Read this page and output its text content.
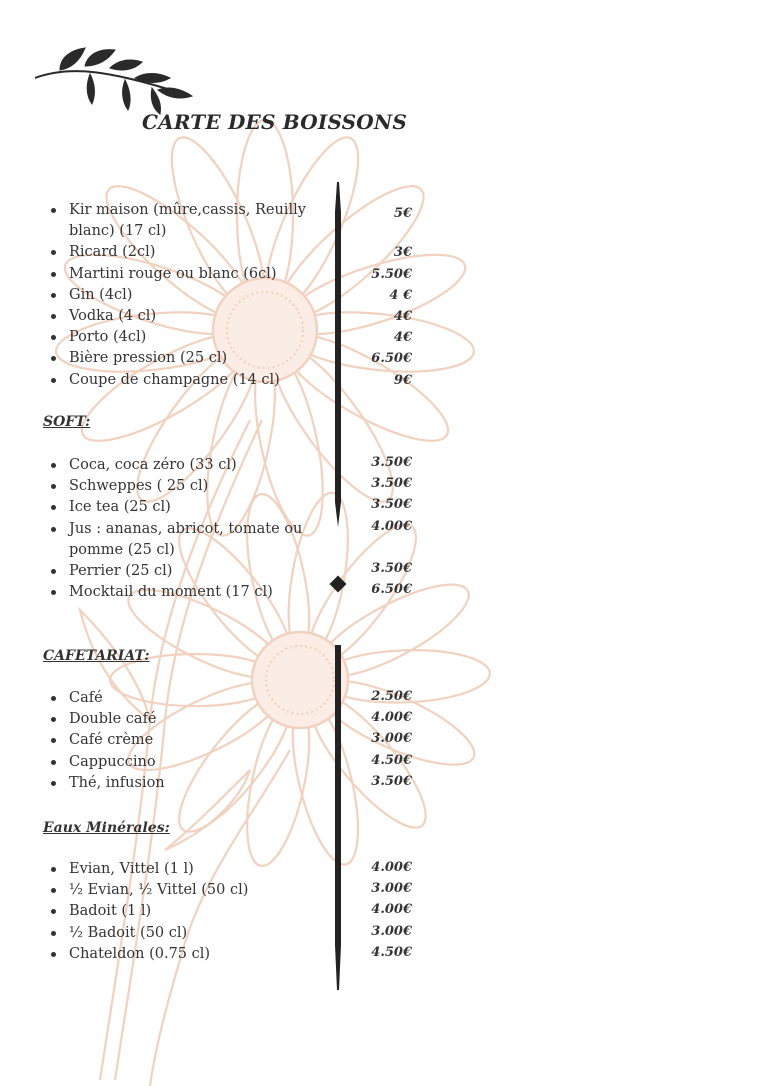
CARTE DES BOISSONS
Kir maison (mûre,cassis, Reuilly blanc) (17 cl)
Ricard (2cl)
Martini rouge ou blanc (6cl)
Gin (4cl)
Vodka (4 cl)
Porto (4cl)
Bière pression (25 cl)
Coupe de champagne (14 cl)
5€
3€
5.50€
4 €
4€
4€
6.50€
9€
SOFT:
Coca, coca zéro (33 cl)
Schweppes ( 25 cl)
Ice tea (25 cl)
Jus : ananas, abricot, tomate ou pomme (25 cl)
Perrier (25 cl)
Mocktail du moment (17 cl)
3.50€
3.50€
3.50€
4.00€
3.50€
6.50€
CAFETARIAT:
Café
Double café
Café crème
Cappuccino
Thé, infusion
2.50€
4.00€
3.00€
4.50€
3.50€
Eaux Minérales:
Evian, Vittel (1 l)
½ Evian, ½ Vittel (50 cl)
Badoit (1 l)
½ Badoit (50 cl)
Chateldon (0.75 cl)
4.00€
3.00€
4.00€
3.00€
4.50€
